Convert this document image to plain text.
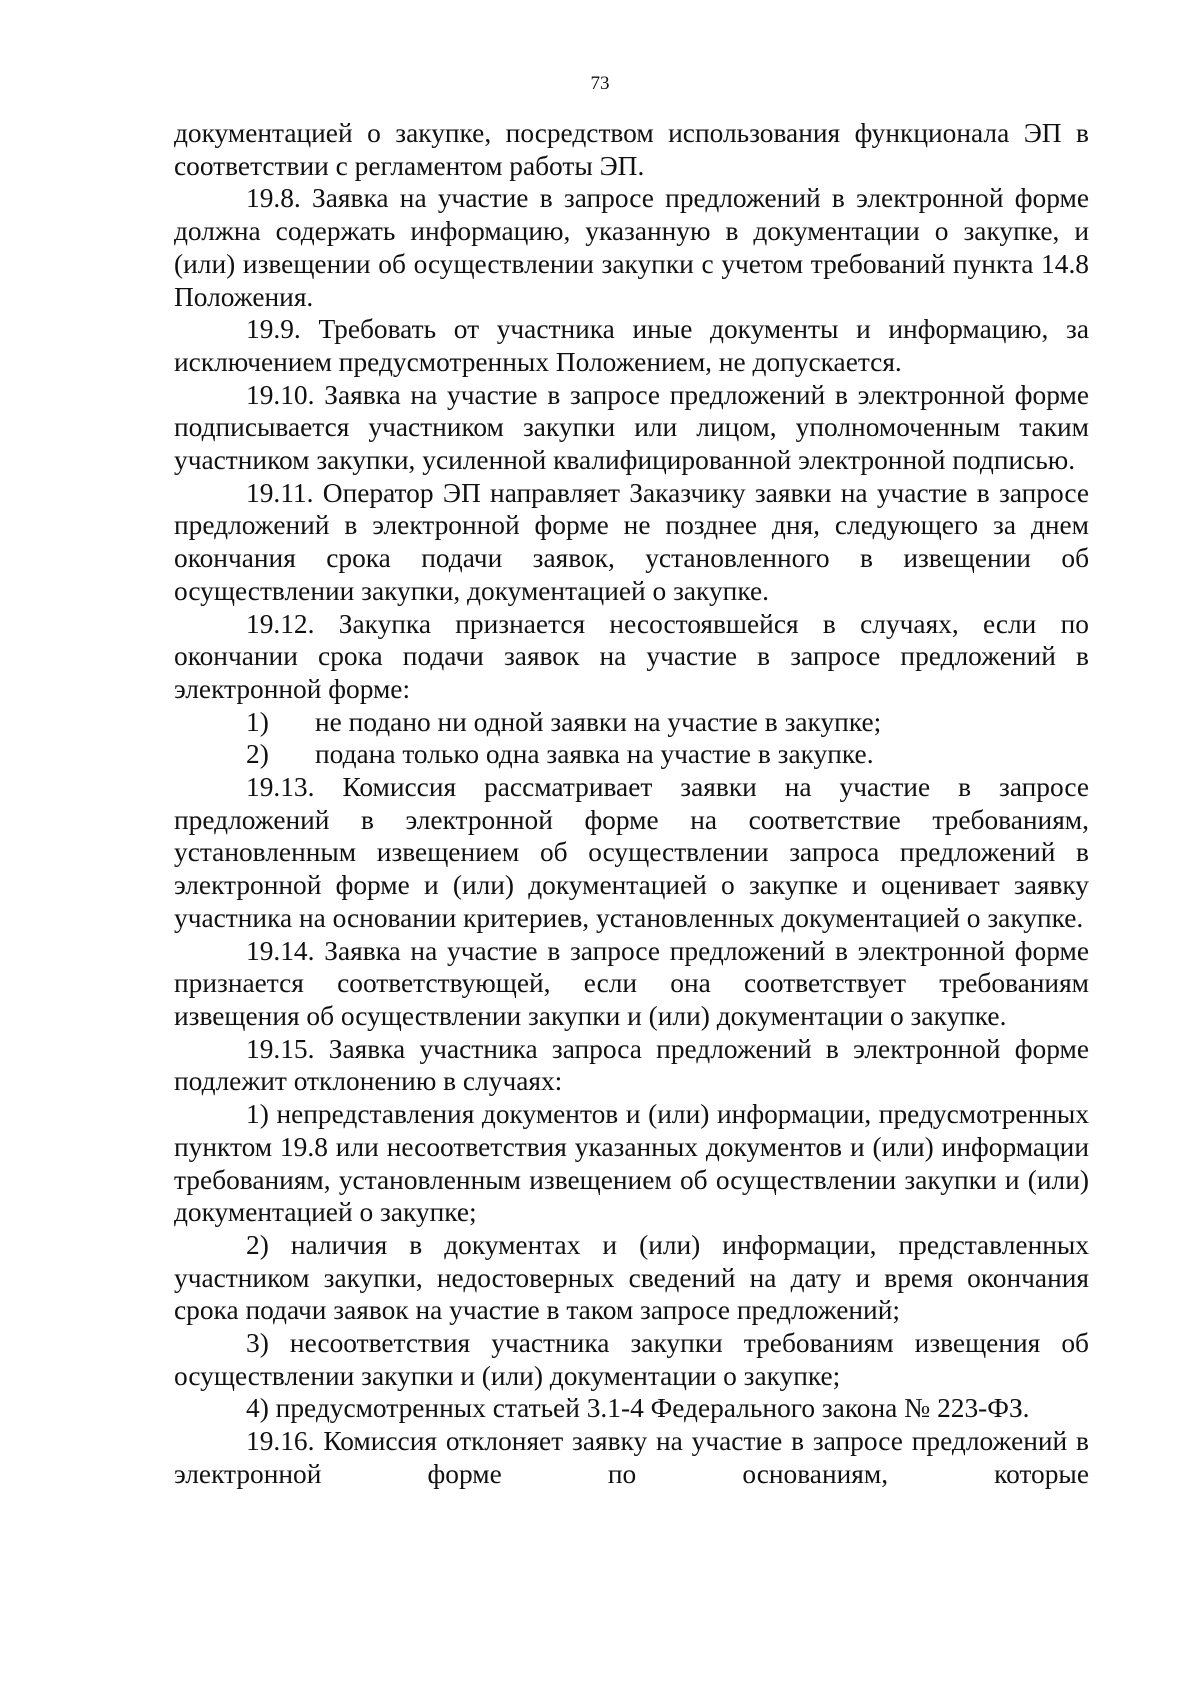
73

документацией о закупке, посредством использования функционала ЭП в соответствии с регламентом работы ЭП.

19.8. Заявка на участие в запросе предложений в электронной форме должна содержать информацию, указанную в документации о закупке, и (или) извещении об осуществлении закупки с учетом требований пункта 14.8 Положения.

19.9. Требовать от участника иные документы и информацию, за исключением предусмотренных Положением, не допускается.

19.10. Заявка на участие в запросе предложений в электронной форме подписывается участником закупки или лицом, уполномоченным таким участником закупки, усиленной квалифицированной электронной подписью.

19.11. Оператор ЭП направляет Заказчику заявки на участие в запросе предложений в электронной форме не позднее дня, следующего за днем окончания срока подачи заявок, установленного в извещении об осуществлении закупки, документацией о закупке.

19.12. Закупка признается несостоявшейся в случаях, если по окончании срока подачи заявок на участие в запросе предложений в электронной форме:

1)	не подано ни одной заявки на участие в закупке;
2)	подана только одна заявка на участие в закупке.

19.13. Комиссия рассматривает заявки на участие в запросе предложений в электронной форме на соответствие требованиям, установленным извещением об осуществлении запроса предложений в электронной форме и (или) документацией о закупке и оценивает заявку участника на основании критериев, установленных документацией о закупке.

19.14. Заявка на участие в запросе предложений в электронной форме признается соответствующей, если она соответствует требованиям извещения об осуществлении закупки и (или) документации о закупке.

19.15. Заявка участника запроса предложений в электронной форме подлежит отклонению в случаях:

1) непредставления документов и (или) информации, предусмотренных пунктом 19.8 или несоответствия указанных документов и (или) информации требованиям, установленным извещением об осуществлении закупки и (или) документацией о закупке;

2) наличия в документах и (или) информации, представленных участником закупки, недостоверных сведений на дату и время окончания срока подачи заявок на участие в таком запросе предложений;

3) несоответствия участника закупки требованиям извещения об осуществлении закупки и (или) документации о закупке;

4) предусмотренных статьей 3.1-4 Федерального закона № 223-ФЗ.

19.16. Комиссия отклоняет заявку на участие в запросе предложений в электронной форме по основаниям, которые
